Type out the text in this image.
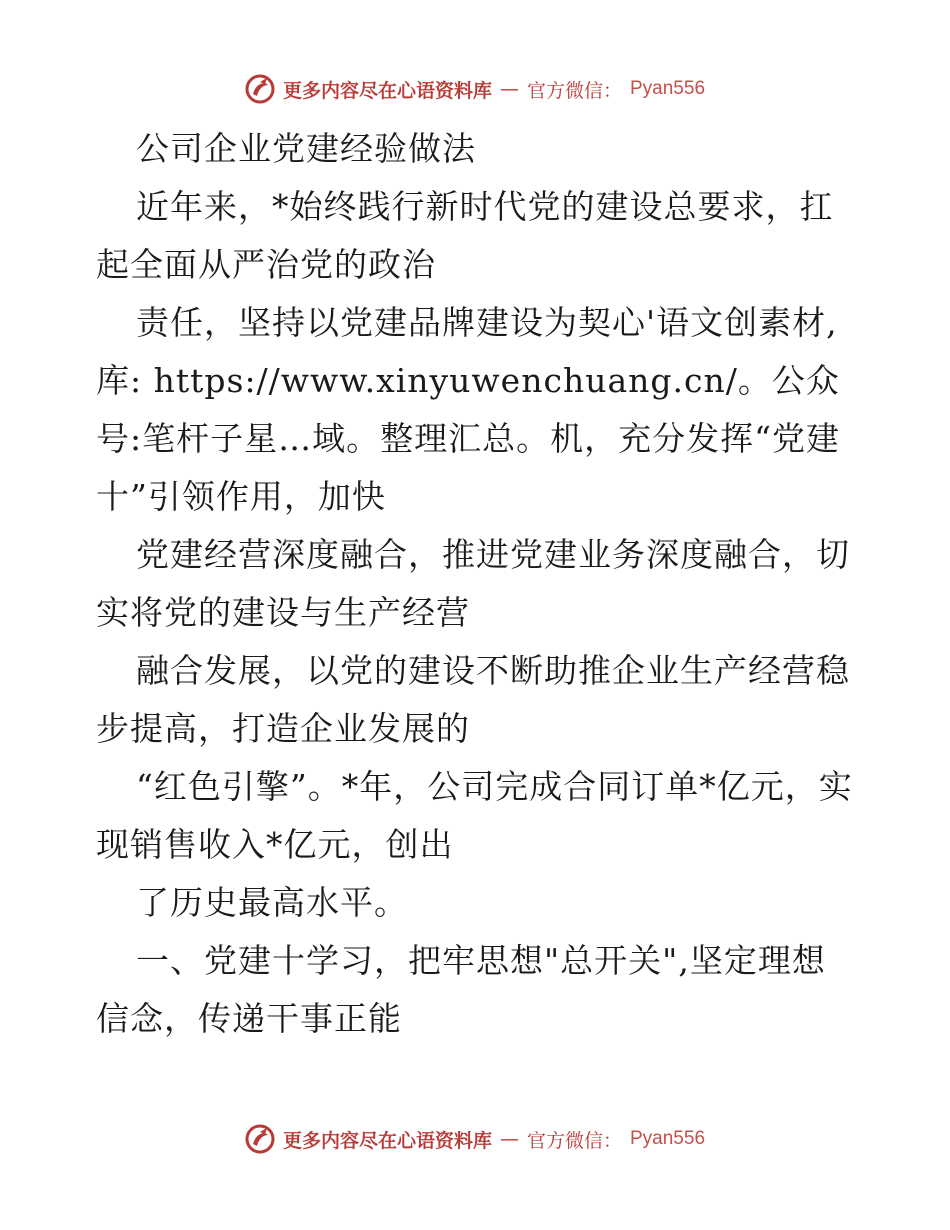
更多内容尽在心语资料库 — 官方微信： Pyan556

公司企业党建经验做法

近年来，*始终践行新时代党的建设总要求，扛起全面从严治党的政治

责任，坚持以党建品牌建设为契心'语文创素材,库: https://www.xinyuwenchuang.cn/。公众号:笔杆子星…域。整理汇总。机，充分发挥“党建十”引领作用，加快

党建经营深度融合，推进党建业务深度融合，切实将党的建设与生产经营

融合发展，以党的建设不断助推企业生产经营稳步提高，打造企业发展的

“红色引擎”。*年，公司完成合同订单*亿元，实现销售收入*亿元，创出

了历史最高水平。

一、党建十学习，把牢思想"总开关",坚定理想信念，传递干事正能

更多内容尽在心语资料库 — 官方微信： Pyan556
